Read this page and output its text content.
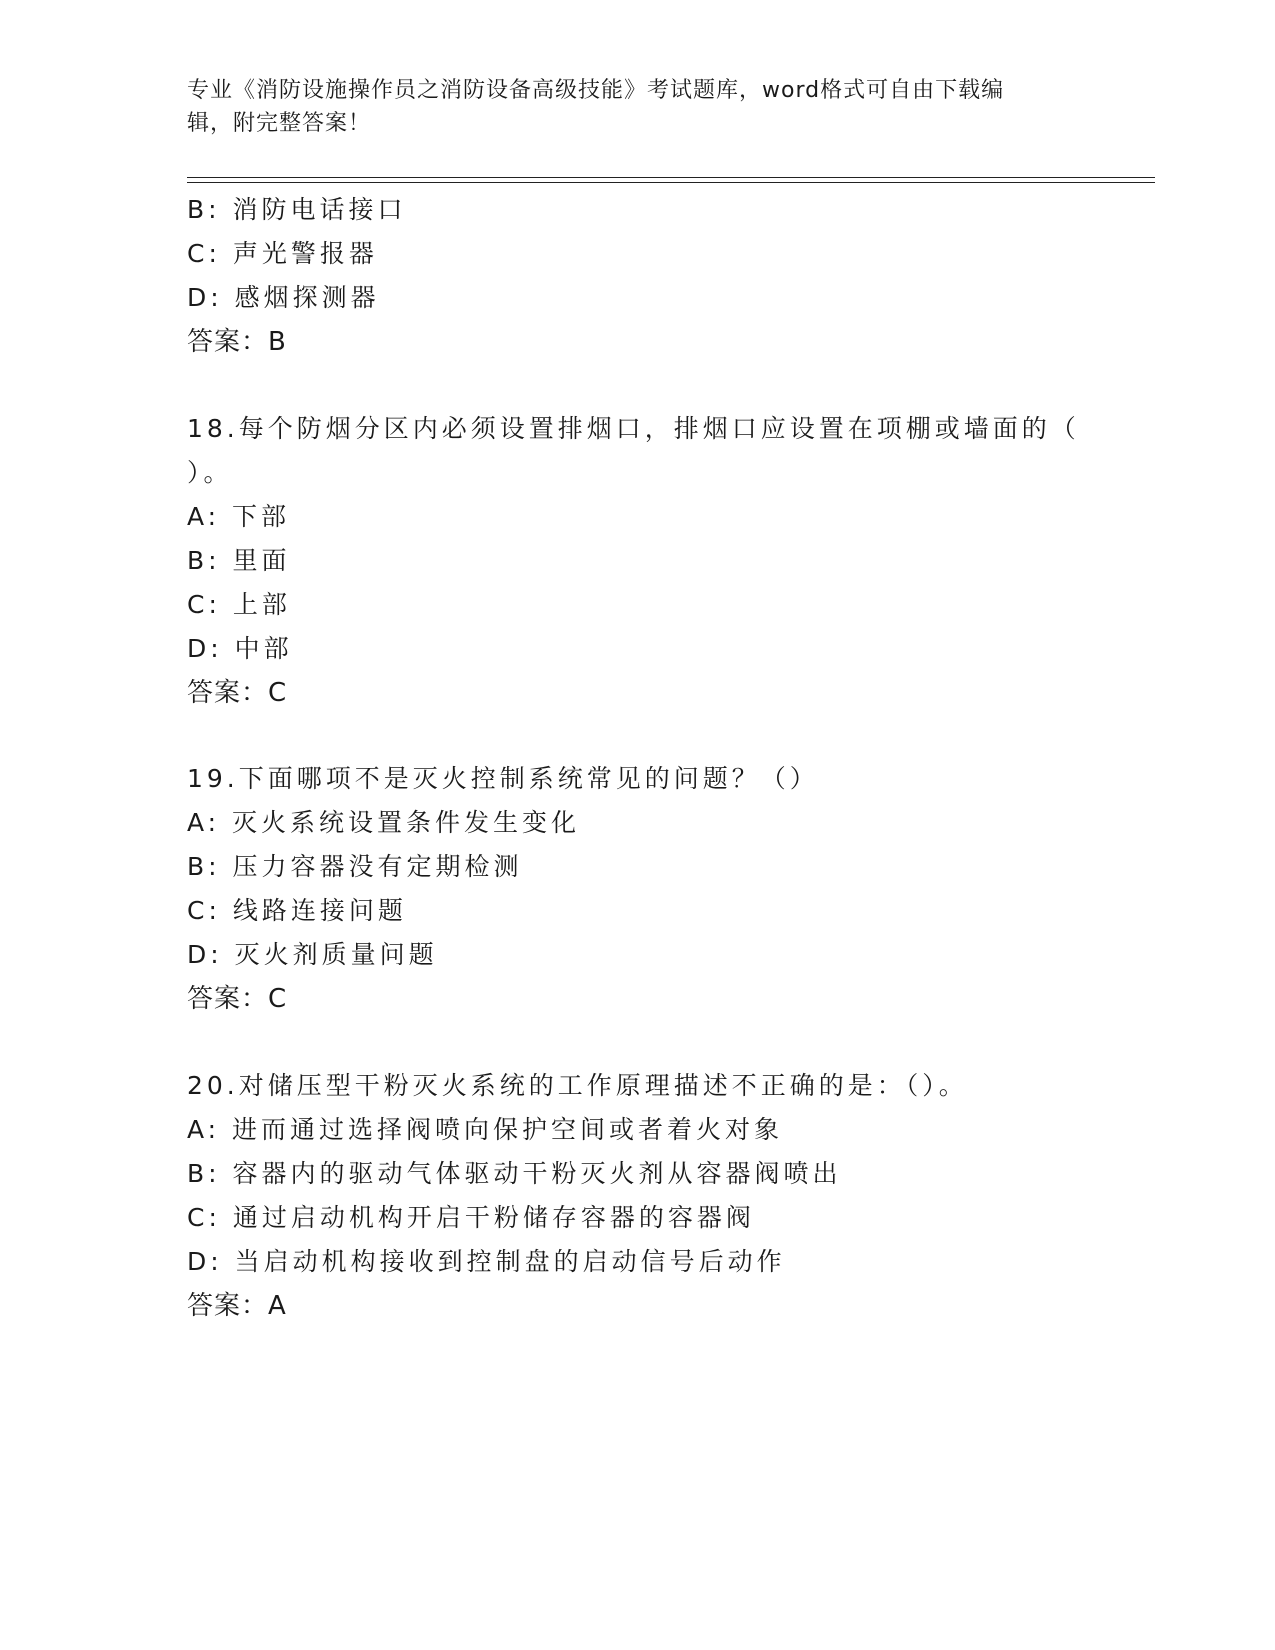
专业《消防设施操作员之消防设备高级技能》考试题库，word格式可自由下载编
辑，附完整答案！
B: 消防电话接口
C: 声光警报器
D: 感烟探测器
答案：B
18.每个防烟分区内必须设置排烟口，排烟口应设置在项棚或墙面的（
）。
A: 下部
B: 里面
C: 上部
D: 中部
答案：C
19.下面哪项不是灭火控制系统常见的问题？（）
A: 灭火系统设置条件发生变化
B: 压力容器没有定期检测
C: 线路连接问题
D: 灭火剂质量问题
答案：C
20.对储压型干粉灭火系统的工作原理描述不正确的是：（）。
A: 进而通过选择阀喷向保护空间或者着火对象
B: 容器内的驱动气体驱动干粉灭火剂从容器阀喷出
C: 通过启动机构开启干粉储存容器的容器阀
D: 当启动机构接收到控制盘的启动信号后动作
答案：A
